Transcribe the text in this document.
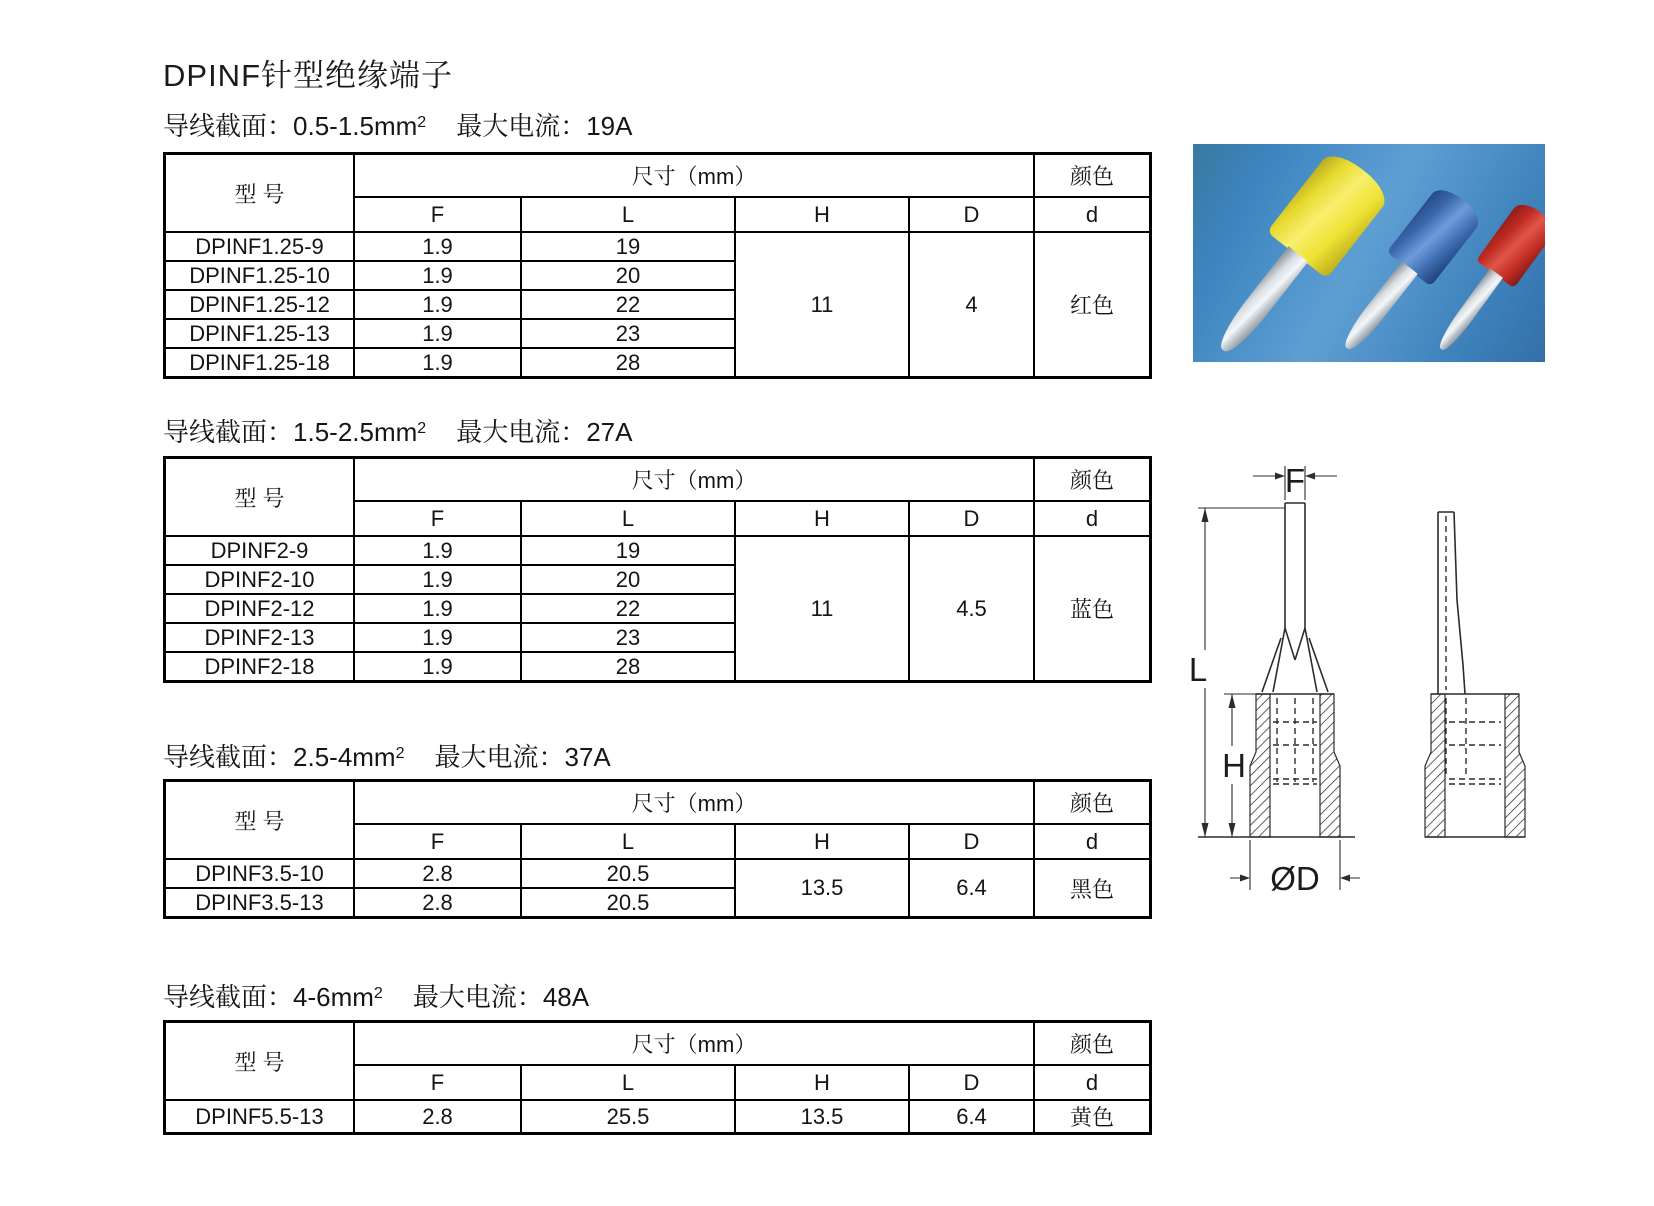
DPINF针型绝缘端子
导线截面：$0.5-1.5mm^2$ 最大电流：19A
型 号	尺寸（mm）				颜色
	F	L	H	D	d
DPINF1.25-9	1.9	19	11	4	红色
DPINF1.25-10	1.9	20			
DPINF1.25-12	1.9	22			
DPINF1.25-13	1.9	23			
DPINF1.25-18	1.9	28			
导线截面：$1.5-2.5mm^2$ 最大电流：27A
型 号	尺寸（mm）				颜色
	F	L	H	D	d
DPINF2-9	1.9	19	11	4.5	蓝色
DPINF2-10	1.9	20			
DPINF2-12	1.9	22			
DPINF2-13	1.9	23			
DPINF2-18	1.9	28			
导线截面：$2.5-4mm^2$ 最大电流：37A
型 号	尺寸（mm）				颜色
	F	L	H	D	d
DPINF3.5-10	2.8	20.5	13.5	6.4	黑色
DPINF3.5-13	2.8	20.5			
导线截面：$4-6mm^2$ 最大电流：48A
型 号	尺寸（mm）				颜色
	F	L	H	D	d
DPINF5.5-13	2.8	25.5	13.5	6.4	黄色
F
L
H
ØD
